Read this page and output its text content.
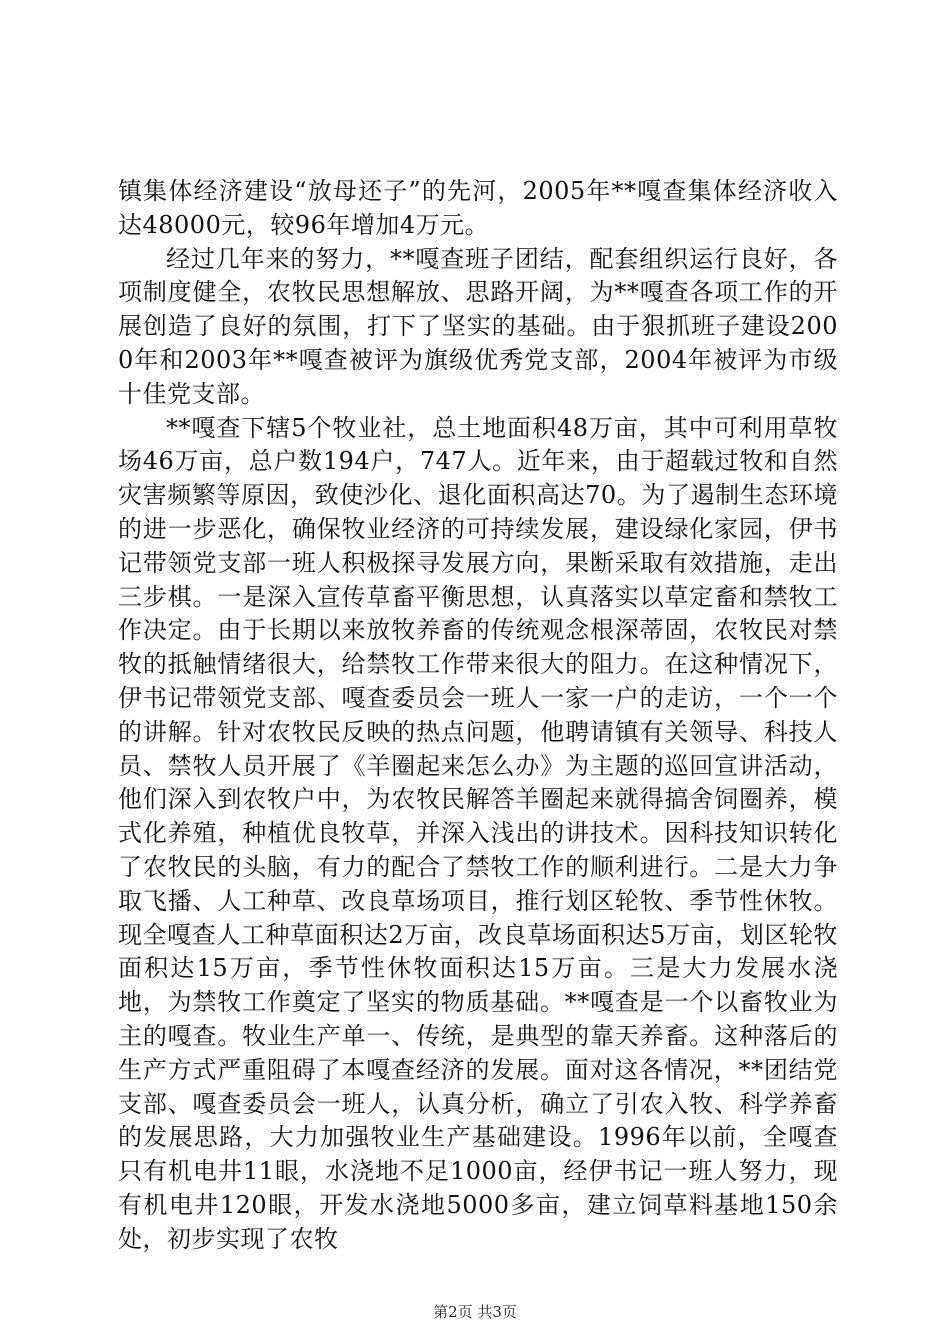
镇集体经济建设“放母还子”的先河，2005年**嘎查集体经济收入达48000元，较96年增加4万元。

经过几年来的努力，**嘎查班子团结，配套组织运行良好，各项制度健全，农牧民思想解放、思路开阔，为**嘎查各项工作的开展创造了良好的氛围，打下了坚实的基础。由于狠抓班子建设2000年和2003年**嘎查被评为旗级优秀党支部，2004年被评为市级十佳党支部。

**嘎查下辖5个牧业社，总土地面积48万亩，其中可利用草牧场46万亩，总户数194户，747人。近年来，由于超载过牧和自然灾害频繁等原因，致使沙化、退化面积高达70。为了遏制生态环境的进一步恶化，确保牧业经济的可持续发展，建设绿化家园，伊书记带领党支部一班人积极探寻发展方向，果断采取有效措施，走出三步棋。一是深入宣传草畜平衡思想，认真落实以草定畜和禁牧工作决定。由于长期以来放牧养畜的传统观念根深蒂固，农牧民对禁牧的抵触情绪很大，给禁牧工作带来很大的阻力。在这种情况下，伊书记带领党支部、嘎查委员会一班人一家一户的走访，一个一个的讲解。针对农牧民反映的热点问题，他聘请镇有关领导、科技人员、禁牧人员开展了《羊圈起来怎么办》为主题的巡回宣讲活动，他们深入到农牧户中，为农牧民解答羊圈起来就得搞舍饲圈养，模式化养殖，种植优良牧草，并深入浅出的讲技术。因科技知识转化了农牧民的头脑，有力的配合了禁牧工作的顺利进行。二是大力争取飞播、人工种草、改良草场项目，推行划区轮牧、季节性休牧。现全嘎查人工种草面积达2万亩，改良草场面积达5万亩，划区轮牧面积达15万亩，季节性休牧面积达15万亩。三是大力发展水浇地，为禁牧工作奠定了坚实的物质基础。**嘎查是一个以畜牧业为主的嘎查。牧业生产单一、传统，是典型的靠天养畜。这种落后的生产方式严重阻碍了本嘎查经济的发展。面对这各情况，**团结党支部、嘎查委员会一班人，认真分析，确立了引农入牧、科学养畜的发展思路，大力加强牧业生产基础建设。1996年以前，全嘎查只有机电井11眼，水浇地不足1000亩，经伊书记一班人努力，现有机电井120眼，开发水浇地5000多亩，建立饲草料基地150余处，初步实现了农牧

第2页 共3页
